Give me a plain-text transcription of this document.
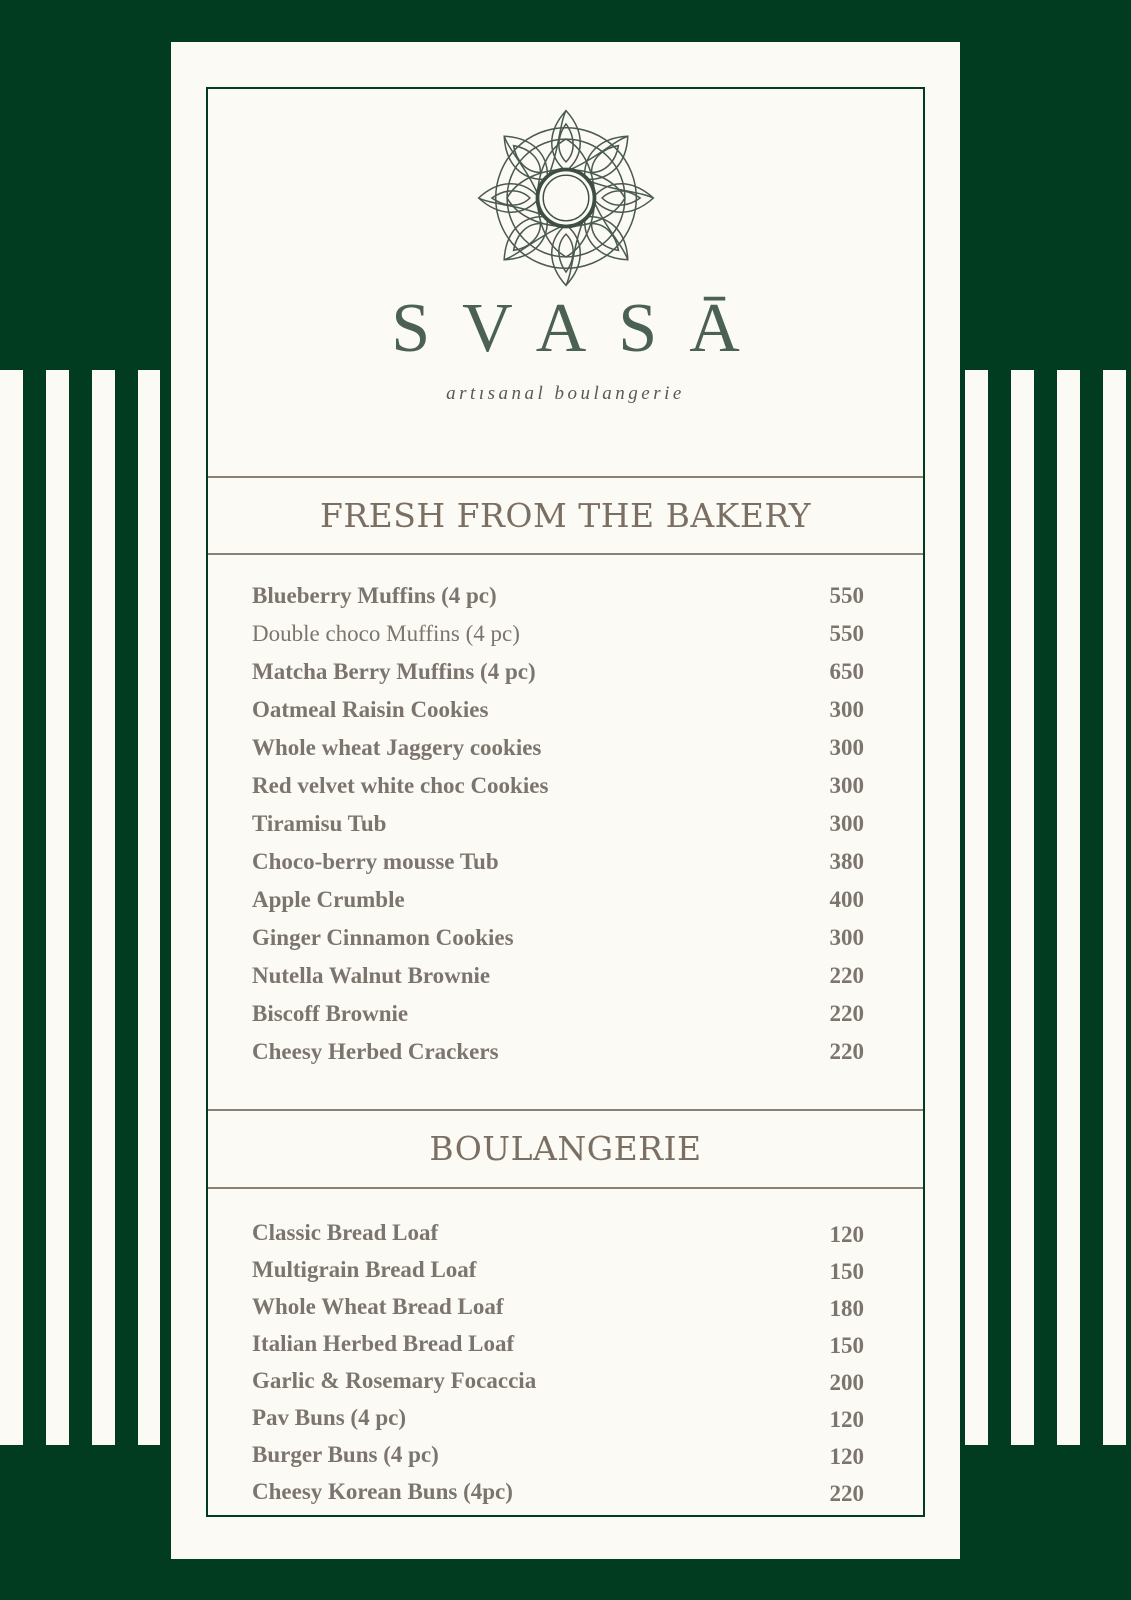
SVASĀ
artısanal boulangerie
FRESH FROM THE BAKERY
Blueberry Muffins (4 pc)	550
Double choco Muffins (4 pc)	550
Matcha Berry Muffins (4 pc)	650
Oatmeal Raisin Cookies	300
Whole wheat Jaggery cookies	300
Red velvet white choc Cookies	300
Tiramisu Tub	300
Choco-berry mousse Tub	380
Apple Crumble	400
Ginger Cinnamon Cookies	300
Nutella Walnut Brownie	220
Biscoff Brownie	220
Cheesy Herbed Crackers	220
BOULANGERIE
Classic Bread Loaf	120
Multigrain Bread Loaf	150
Whole Wheat Bread Loaf	180
Italian Herbed Bread Loaf	150
Garlic & Rosemary Focaccia	200
Pav Buns (4 pc)	120
Burger Buns (4 pc)	120
Cheesy Korean Buns (4pc)	220
